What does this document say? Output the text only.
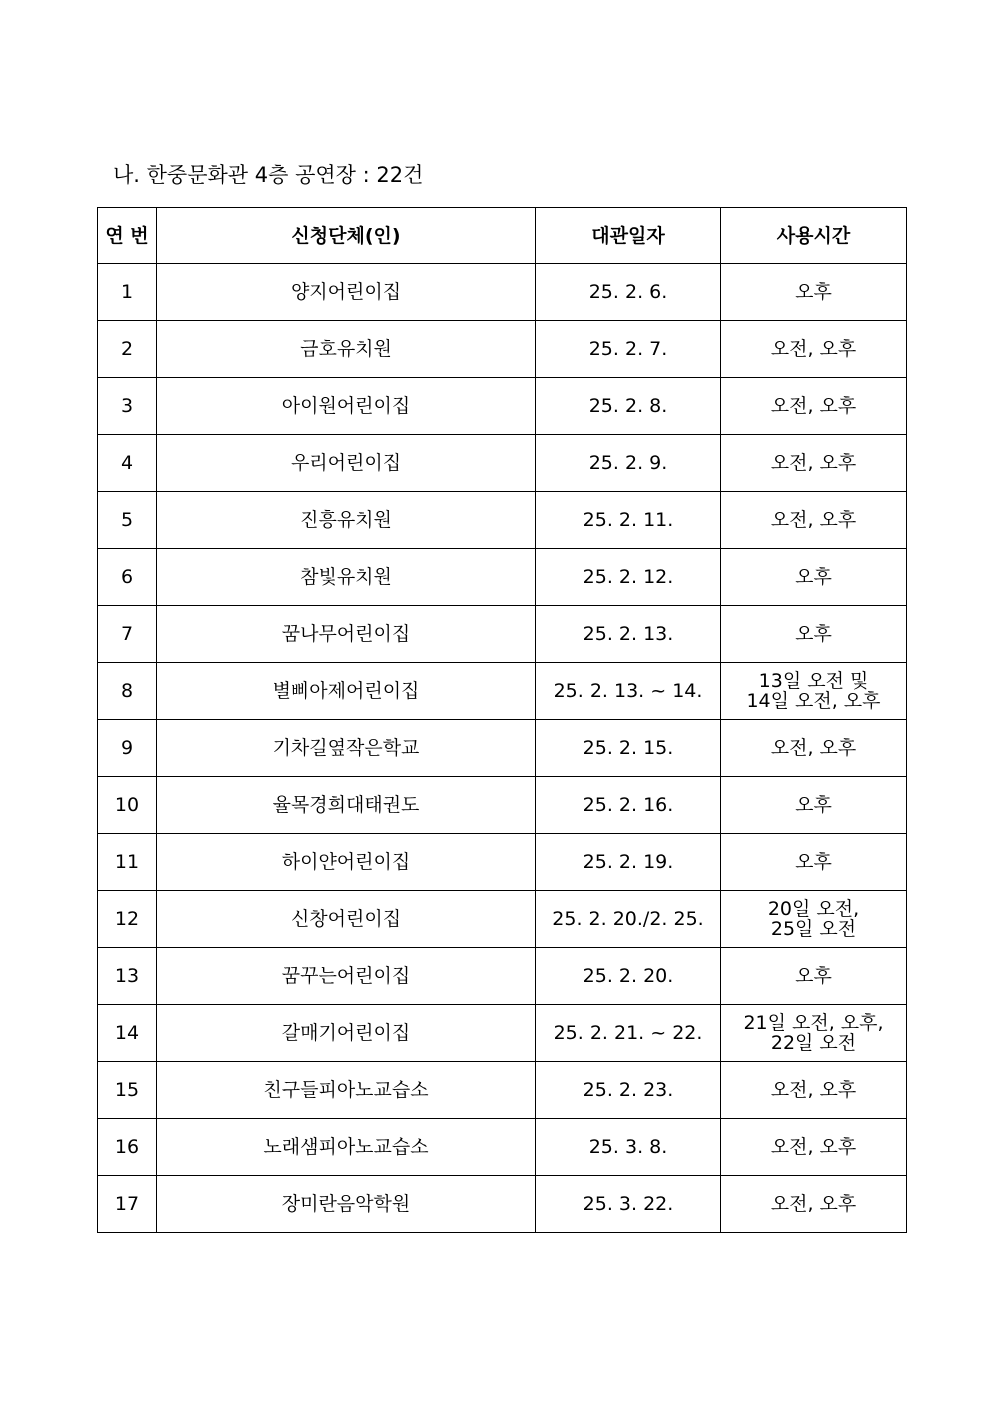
나. 한중문화관 4층 공연장 : 22건
연 번	신청단체(인)	대관일자	사용시간
1	양지어린이집	25. 2. 6.	오후

2	금호유치원	25. 2. 7.	오전, 오후

3	아이원어린이집	25. 2. 8.	오전, 오후

4	우리어린이집	25. 2. 9.	오전, 오후

5	진흥유치원	25. 2. 11.	오전, 오후

6	참빛유치원	25. 2. 12.	오후

7	꿈나무어린이집	25. 2. 13.	오후

8	별삐아제어린이집	25. 2. 13. ~ 14.	13일 오전 및
14일 오전, 오후

9	기차길옆작은학교	25. 2. 15.	오전, 오후

10	율목경희대태권도	25. 2. 16.	오후

11	하이얀어린이집	25. 2. 19.	오후

12	신창어린이집	25. 2. 20./2. 25.	20일 오전,
25일 오전

13	꿈꾸는어린이집	25. 2. 20.	오후

14	갈매기어린이집	25. 2. 21. ~ 22.	21일 오전, 오후,
22일 오전

15	친구들피아노교습소	25. 2. 23.	오전, 오후

16	노래샘피아노교습소	25. 3. 8.	오전, 오후

17	장미란음악학원	25. 3. 22.	오전, 오후
